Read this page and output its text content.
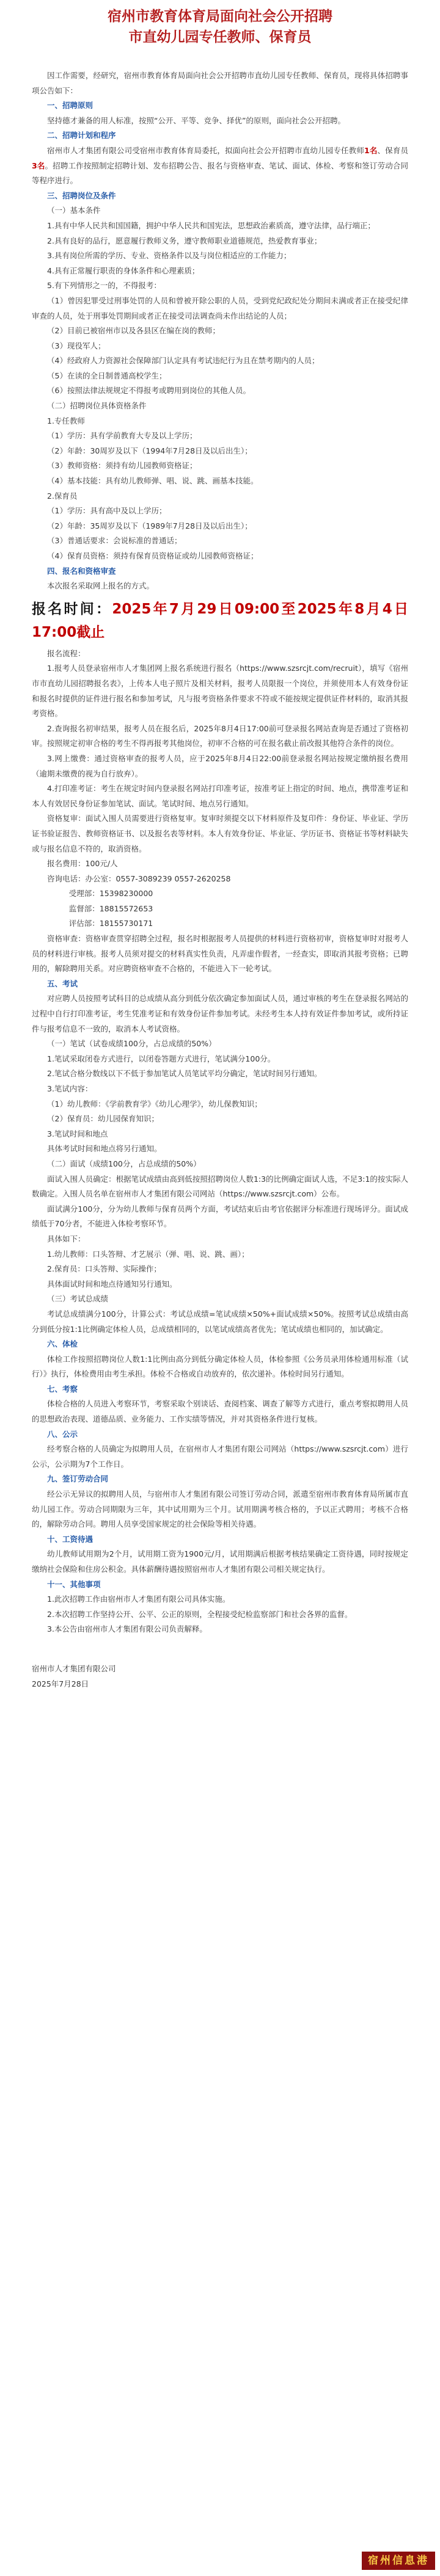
宿州市教育体育局面向社会公开招聘

市直幼儿园专任教师、保育员

因工作需要，经研究，宿州市教育体育局面向社会公开招聘市直幼儿园专任教师、保育员，现将具体招聘事项公告如下：

一、招聘原则

坚持德才兼备的用人标准，按照“公开、平等、竞争、择优”的原则，面向社会公开招聘。

二、招聘计划和程序

宿州市人才集团有限公司受宿州市教育体育局委托，拟面向社会公开招聘市直幼儿园专任教师1名、保育员3名。招聘工作按照制定招聘计划、发布招聘公告、报名与资格审查、笔试、面试、体检、考察和签订劳动合同等程序进行。

三、招聘岗位及条件

（一）基本条件

1.具有中华人民共和国国籍，拥护中华人民共和国宪法，思想政治素质高，遵守法律，品行端正；

2.具有良好的品行，愿意履行教师义务，遵守教师职业道德规范，热爱教育事业；

3.具有岗位所需的学历、专业、资格条件以及与岗位相适应的工作能力；

4.具有正常履行职责的身体条件和心理素质；

5.有下列情形之一的，不得报考：

（1）曾因犯罪受过刑事处罚的人员和曾被开除公职的人员，受到党纪政纪处分期间未满或者正在接受纪律审查的人员，处于刑事处罚期间或者正在接受司法调查尚未作出结论的人员；

（2）目前已被宿州市以及各县区在编在岗的教师；

（3）现役军人；

（4）经政府人力资源社会保障部门认定具有考试违纪行为且在禁考期内的人员；

（5）在读的全日制普通高校学生；

（6）按照法律法规规定不得报考或聘用到岗位的其他人员。

（二）招聘岗位具体资格条件

1.专任教师

（1）学历：具有学前教育大专及以上学历；

（2）年龄：30周岁及以下（1994年7月28日及以后出生）；

（3）教师资格：须持有幼儿园教师资格证；

（4）基本技能：具有幼儿教师弹、唱、说、跳、画基本技能。

2.保育员

（1）学历：具有高中及以上学历；

（2）年龄：35周岁及以下（1989年7月28日及以后出生）；

（3）普通话要求：会说标准的普通话；

（4）保育员资格：须持有保育员资格证或幼儿园教师资格证；

四、报名和资格审查

本次报名采取网上报名的方式。

报名时间：2025年7月29日09:00至2025年8月4日17:00截止

报名流程：

1.报考人员登录宿州市人才集团网上报名系统进行报名（https://www.szsrcjt.com/recruit），填写《宿州市市直幼儿园招聘报名表》，上传本人电子照片及相关材料，报考人员限报一个岗位，并须使用本人有效身份证和报名时提供的证件进行报名和参加考试，凡与报考资格条件要求不符或不能按规定提供证件材料的，取消其报考资格。

2.查询报名初审结果，报考人员在报名后，2025年8月4日17:00前可登录报名网站查询是否通过了资格初审。按照规定初审合格的考生不得再报考其他岗位，初审不合格的可在报名截止前改报其他符合条件的岗位。

3.网上缴费：通过资格审查的报考人员，应于2025年8月4日22:00前登录报名网站按规定缴纳报名费用（逾期未缴费的视为自行放弃）。

4.打印准考证：考生在规定时间内登录报名网站打印准考证，按准考证上指定的时间、地点，携带准考证和本人有效居民身份证参加笔试、面试。笔试时间、地点另行通知。

资格复审：面试入围人员需要进行资格复审。复审时须提交以下材料原件及复印件：身份证、毕业证、学历证书验证报告、教师资格证书、以及报名表等材料。本人有效身份证、毕业证、学历证书、资格证书等材料缺失或与报名信息不符的，取消资格。

报名费用：100元/人

咨询电话：办公室：0557-3089239 0557-2620258

受理部：15398230000

监督部：18815572653

评估部：18155730171

资格审查：资格审查贯穿招聘全过程，报名时根据报考人员提供的材料进行资格初审，资格复审时对报考人员的材料进行审核。报考人员须对提交的材料真实性负责，凡弄虚作假者，一经查实，即取消其报考资格；已聘用的，解除聘用关系。对应聘资格审查不合格的，不能进入下一轮考试。

五、考试

对应聘人员按照考试科目的总成绩从高分到低分依次确定参加面试人员，通过审核的考生在登录报名网站的过程中自行打印准考证，考生凭准考证和有效身份证件参加考试。未经考生本人持有效证件参加考试，或所持证件与报考信息不一致的，取消本人考试资格。

（一）笔试（试卷成绩100分，占总成绩的50%）

1.笔试采取闭卷方式进行，以闭卷答题方式进行，笔试满分100分。

2.笔试合格分数线以下不低于参加笔试人员笔试平均分确定，笔试时间另行通知。

3.笔试内容：

（1）幼儿教师：《学前教育学》《幼儿心理学》，幼儿保教知识；

（2）保育员：幼儿园保育知识；

3.笔试时间和地点

具体考试时间和地点将另行通知。

（二）面试（成绩100分，占总成绩的50%）

面试入围人员确定：根据笔试成绩由高到低按照招聘岗位人数1:3的比例确定面试人选，不足3:1的按实际人数确定。入围人员名单在宿州市人才集团有限公司网站（https://www.szsrcjt.com）公布。

面试满分100分，分为幼儿教师与保育员两个方面，考试结束后由考官依据评分标准进行现场评分。面试成绩低于70分者，不能进入体检考察环节。

具体如下：

1.幼儿教师：口头答辩、才艺展示（弹、唱、说、跳、画）；

2.保育员：口头答辩、实际操作；

具体面试时间和地点待通知另行通知。

（三）考试总成绩

考试总成绩满分100分，计算公式：考试总成绩=笔试成绩×50%+面试成绩×50%。按照考试总成绩由高分到低分按1:1比例确定体检人员，总成绩相同的，以笔试成绩高者优先；笔试成绩也相同的，加试确定。

六、体检

体检工作按照招聘岗位人数1:1比例由高分到低分确定体检人员，体检参照《公务员录用体检通用标准（试行）》执行，体检费用由考生承担。体检不合格或自动放弃的，依次递补。体检时间另行通知。

七、考察

体检合格的人员进入考察环节，考察采取个别谈话、查阅档案、调查了解等方式进行，重点考察拟聘用人员的思想政治表现、道德品质、业务能力、工作实绩等情况，并对其资格条件进行复核。

八、公示

经考察合格的人员确定为拟聘用人员，在宿州市人才集团有限公司网站（https://www.szsrcjt.com）进行公示，公示期为7个工作日。

九、签订劳动合同

经公示无异议的拟聘用人员，与宿州市人才集团有限公司签订劳动合同，派遣至宿州市教育体育局所属市直幼儿园工作。劳动合同期限为三年，其中试用期为三个月。试用期满考核合格的，予以正式聘用；考核不合格的，解除劳动合同。聘用人员享受国家规定的社会保险等相关待遇。

十、工资待遇

幼儿教师试用期为2个月，试用期工资为1900元/月，试用期满后根据考核结果确定工资待遇，同时按规定缴纳社会保险和住房公积金。具体薪酬待遇按照宿州市人才集团有限公司相关规定执行。

十一、其他事项

1.此次招聘工作由宿州市人才集团有限公司具体实施。

2.本次招聘工作坚持公开、公平、公正的原则，全程接受纪检监察部门和社会各界的监督。

3.本公告由宿州市人才集团有限公司负责解释。

宿州市人才集团有限公司

2025年7月28日

宿州信息港
